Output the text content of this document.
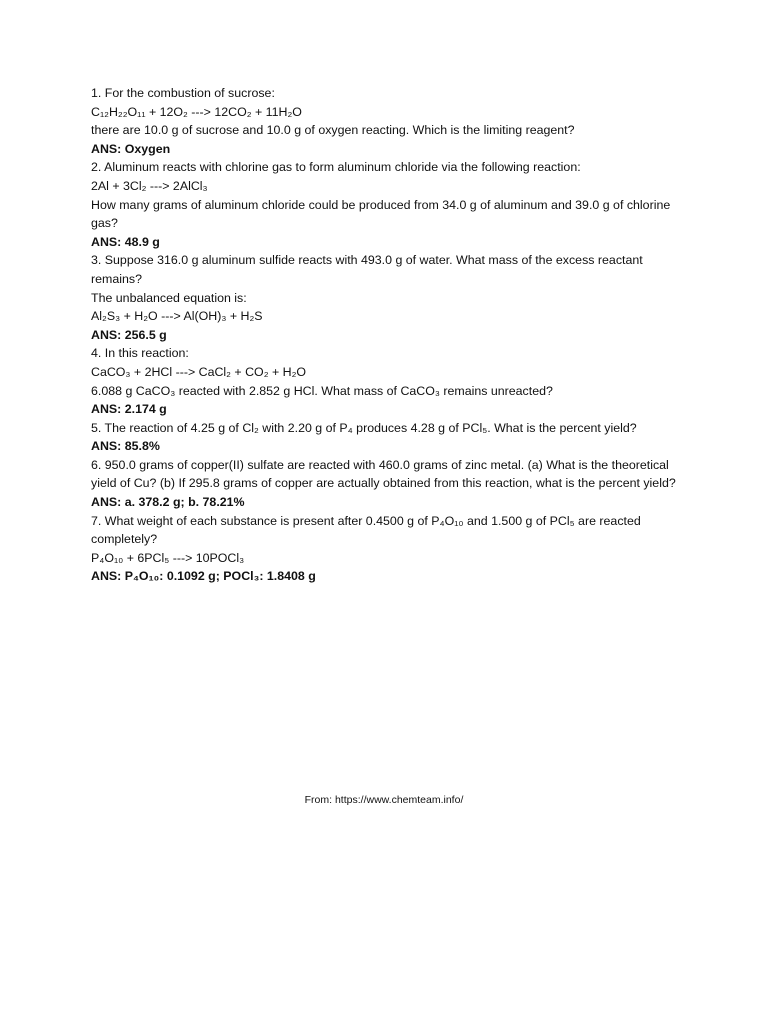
1. For the combustion of sucrose:

C₁₂H₂₂O₁₁ + 12O₂ ---> 12CO₂ + 11H₂O

there are 10.0 g of sucrose and 10.0 g of oxygen reacting. Which is the limiting reagent?

ANS: Oxygen

2. Aluminum reacts with chlorine gas to form aluminum chloride via the following reaction:

2Al + 3Cl₂ ---> 2AlCl₃

How many grams of aluminum chloride could be produced from 34.0 g of aluminum and 39.0 g of chlorine gas?

ANS: 48.9 g

3. Suppose 316.0 g aluminum sulfide reacts with 493.0 g of water. What mass of the excess reactant remains?

The unbalanced equation is:

Al₂S₃ + H₂O ---> Al(OH)₃ + H₂S

ANS: 256.5 g

4. In this reaction:

CaCO₃ + 2HCl ---> CaCl₂ + CO₂ + H₂O

6.088 g CaCO₃ reacted with 2.852 g HCl. What mass of CaCO₃ remains unreacted?

ANS: 2.174 g

5. The reaction of 4.25 g of Cl₂ with 2.20 g of P₄ produces 4.28 g of PCl₅. What is the percent yield?

ANS: 85.8%

6. 950.0 grams of copper(II) sulfate are reacted with 460.0 grams of zinc metal. (a) What is the theoretical yield of Cu? (b) If 295.8 grams of copper are actually obtained from this reaction, what is the percent yield?

ANS: a. 378.2 g; b. 78.21%

7. What weight of each substance is present after 0.4500 g of P₄O₁₀ and 1.500 g of PCl₅ are reacted completely?

P₄O₁₀ + 6PCl₅ ---> 10POCl₃

ANS: P₄O₁₀: 0.1092 g; POCl₃: 1.8408 g

From: https://www.chemteam.info/
